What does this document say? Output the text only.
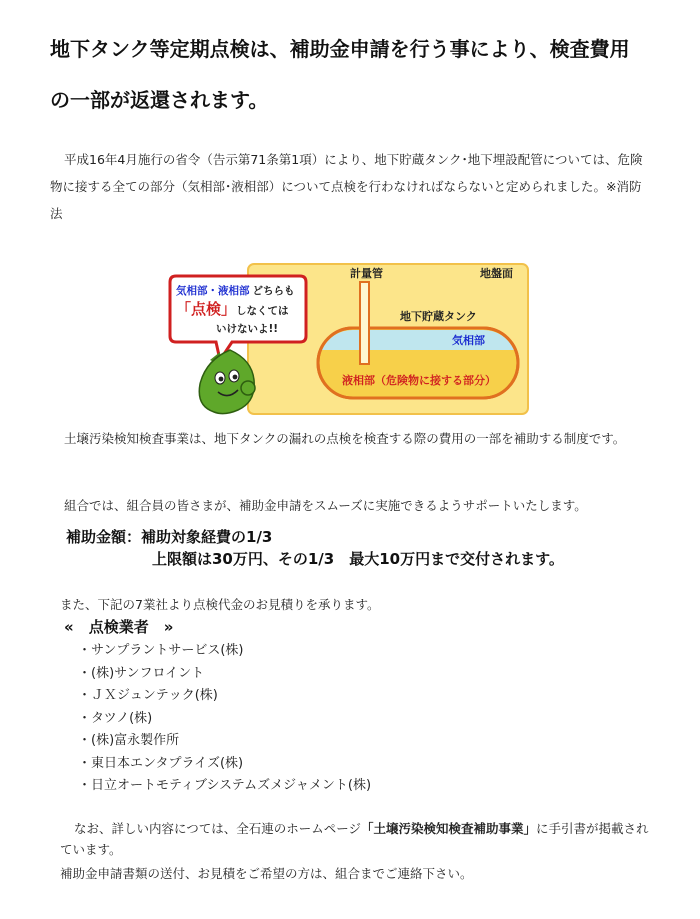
地下タンク等定期点検は、補助金申請を行う事により、検査費用
の一部が返還されます。
平成16年4月施行の省令（告示第71条第1項）により、地下貯蔵タンク･地下埋設配管については、危険物に接する全ての部分（気相部･液相部）について点検を行わなければならないと定められました。※消防法
計量管	地盤面
地下貯蔵タンク
気相部
液相部（危険物に接する部分）
気相部・液相部 どちらも
「点検」しなくては
いけないよ!!
土壌汚染検知検査事業は、地下タンクの漏れの点検を検査する際の費用の一部を補助する制度です。
組合では、組合員の皆さまが、補助金申請をスムーズに実施できるようサポートいたします。
補助金額：補助対象経費の1/3
上限額は30万円、その1/3　最大10万円まで交付されます。
また、下記の7業社より点検代金のお見積りを承ります。
«　点検業者　»
・サンプラントサービス(株)
・(株)サンフロイント
・ＪＸジュンテック(株)
・タツノ(株)
・(株)富永製作所
・東日本エンタプライズ(株)
・日立オートモティブシステムズメジャメント(株)
なお、詳しい内容につては、全石連のホームページ「土壌汚染検知検査補助事業」に手引書が掲載されています。
補助金申請書類の送付、お見積をご希望の方は、組合までご連絡下さい。
